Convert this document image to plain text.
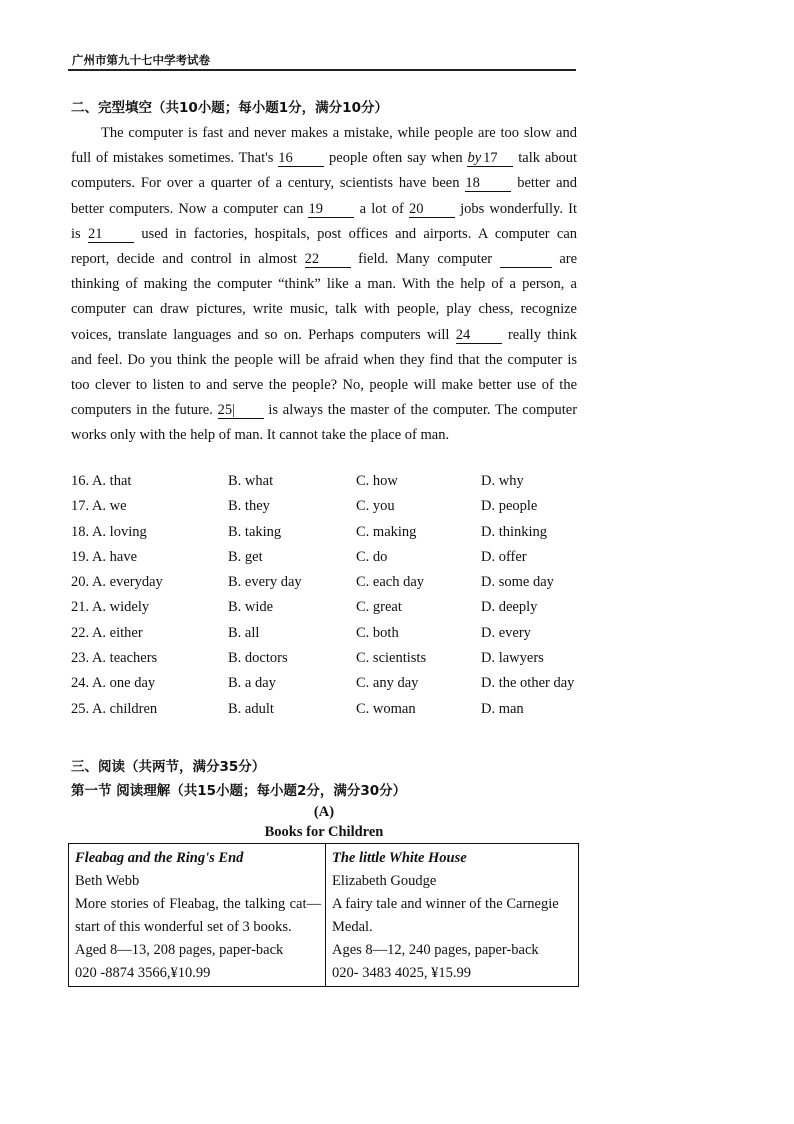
广州市第九十七中学考试卷
二、完型填空（共10小题；每小题1分，满分10分）
The computer is fast and never makes a mistake, while people are too slow and
full of mistakes sometimes. That's 16	people often say when by 17 talk about
computers. For over a quarter of a century, scientists have been 18	better and
better computers. Now a computer can 19	a lot of 20	jobs wonderfully. It
is 21	used in factories, hospitals, post offices and airports. A computer can
report, decide and control in almost 22	field. Many computer	are
thinking of making the computer “think” like a man. With the help of a person, a
computer can draw pictures, write music, talk with people, play chess, recognize
voices, translate languages and so on. Perhaps computers will 24	really think
and feel. Do you think the people will be afraid when they find that the computer is
too clever to listen to and serve the people? No, people will make better use of the
computers in the future. 25| is always the master of the computer. The computer
works only with the help of man. It cannot take the place of man.
16. A. that	B. what	C. how	D. why
17. A. we	B. they	C. you	D. people
18. A. loving	B. taking	C. making	D. thinking
19. A. have	B. get	C. do	D. offer
20. A. everyday	B. every day	C. each day	D. some day
21. A. widely	B. wide	C. great	D. deeply
22. A. either	B. all	C. both	D. every
23. A. teachers	B. doctors	C. scientists	D. lawyers
24. A. one day	B. a day	C. any day	D. the other day
25. A. children	B. adult	C. woman	D. man
三、阅读（共两节，满分35分）
第一节 阅读理解（共15小题；每小题2分，满分30分）
(A)
Books for Children
Fleabag and the Ring's End
Beth Webb
More stories of Fleabag, the talking cat—start of this wonderful set of 3 books.
Aged 8—13, 208 pages, paper-back
020 -8874 3566,¥10.99

The little White House
Elizabeth Goudge
A fairy tale and winner of the Carnegie Medal.
Ages 8—12, 240 pages, paper-back
020- 3483 4025, ¥15.99
